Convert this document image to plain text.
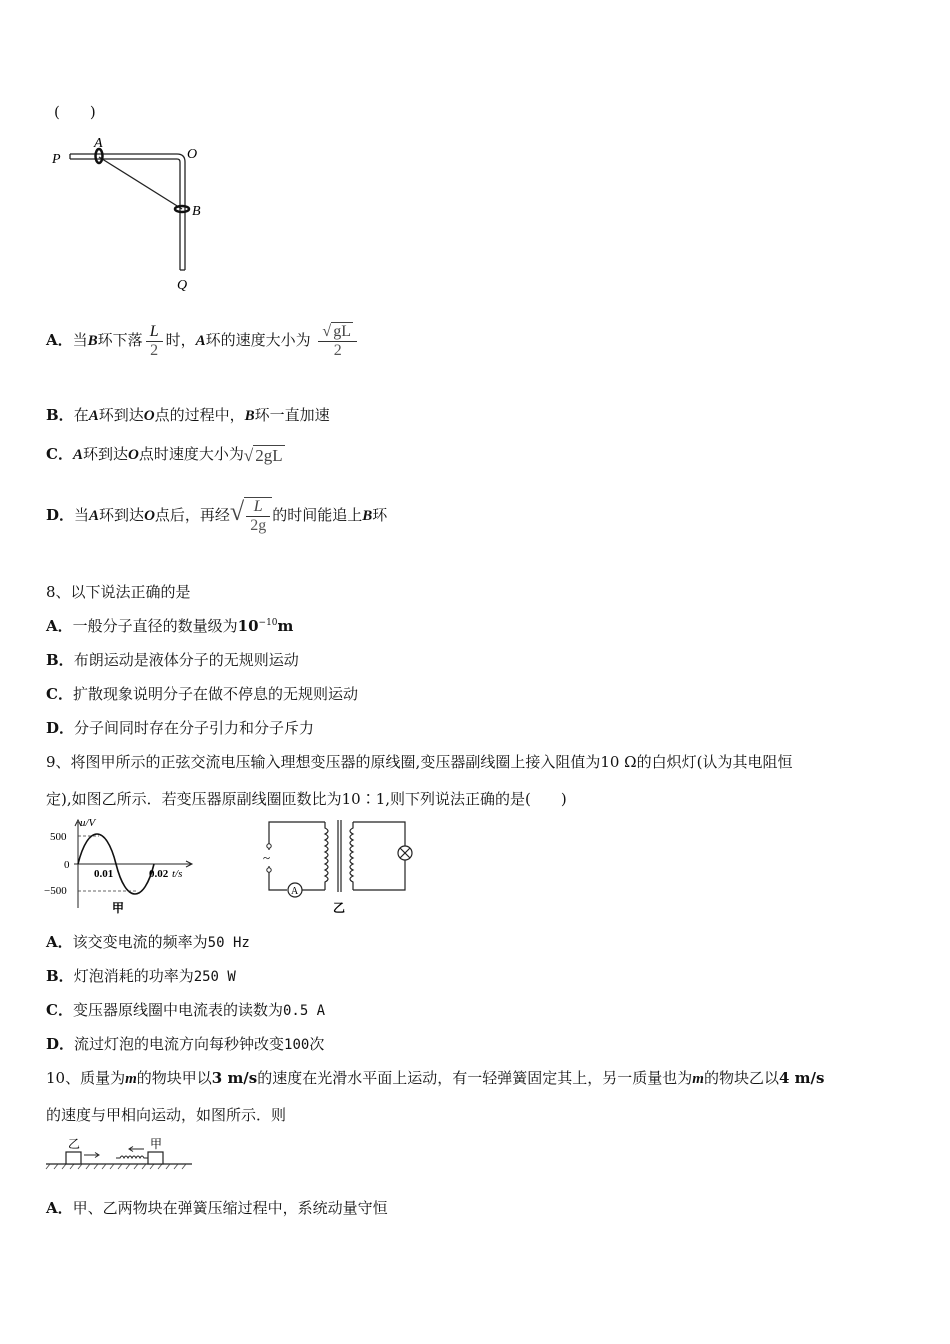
(　　)
P
A
O
B
Q
A．当B环下落 $\frac{L}{2}$ 时，A环的速度大小为 $\frac{√ gL}{2}$
B．在A环到达O点的过程中，B环一直加速
C．A环到达O点时速度大小为√ 2gL
D．当A环到达O点后，再经√ $\frac{L}{2g}$ 的时间能追上B环
8、以下说法正确的是
A．一般分子直径的数量级为$10^{-10}m$
B．布朗运动是液体分子的无规则运动
C．扩散现象说明分子在做不停息的无规则运动
D．分子间同时存在分子引力和分子斥力
9、将图甲所示的正弦交流电压输入理想变压器的原线圈,变压器副线圈上接入阻值为10 Ω的白炽灯(认为其电阻恒
定),如图乙所示．若变压器原副线圈匝数比为10∶1,则下列说法正确的是(　　)
u/V
500
0
−500
0.01	0.02 t/s
甲
~
A
乙
A．该交变电流的频率为50 Hz
B．灯泡消耗的功率为250 W
C．变压器原线圈中电流表的读数为0.5 A
D．流过灯泡的电流方向每秒钟改变100次
10、质量为m的物块甲以3 m/s的速度在光滑水平面上运动，有一轻弹簧固定其上，另一质量也为m的物块乙以4 m/s
的速度与甲相向运动，如图所示．则
乙	甲
A．甲、乙两物块在弹簧压缩过程中，系统动量守恒
